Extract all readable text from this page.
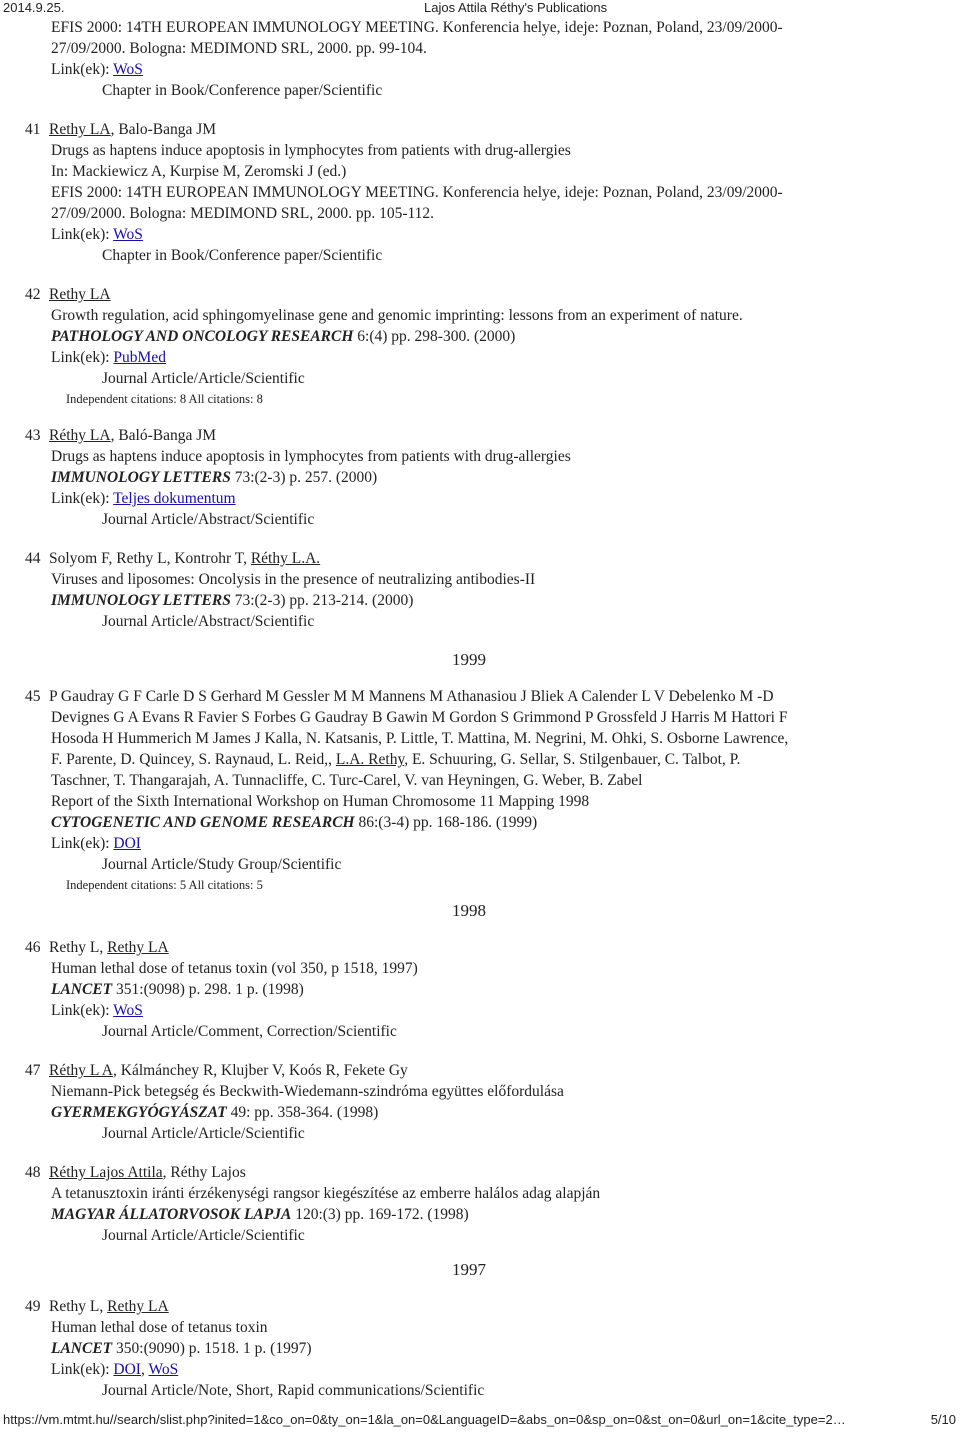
2014.9.25.	Lajos Attila Réthy's Publications
EFIS 2000: 14TH EUROPEAN IMMUNOLOGY MEETING. Konferencia helye, ideje: Poznan, Poland, 23/09/2000-
27/09/2000. Bologna: MEDIMOND SRL, 2000. pp. 99-104.
Link(ek): WoS
Chapter in Book/Conference paper/Scientific
41 Rethy LA, Balo-Banga JM
Drugs as haptens induce apoptosis in lymphocytes from patients with drug-allergies
In: Mackiewicz A, Kurpise M, Zeromski J (ed.)
EFIS 2000: 14TH EUROPEAN IMMUNOLOGY MEETING. Konferencia helye, ideje: Poznan, Poland, 23/09/2000-
27/09/2000. Bologna: MEDIMOND SRL, 2000. pp. 105-112.
Link(ek): WoS
Chapter in Book/Conference paper/Scientific
42 Rethy LA
Growth regulation, acid sphingomyelinase gene and genomic imprinting: lessons from an experiment of nature.
PATHOLOGY AND ONCOLOGY RESEARCH 6:(4) pp. 298-300. (2000)
Link(ek): PubMed
Journal Article/Article/Scientific
Independent citations: 8 All citations: 8
43 Réthy LA, Baló-Banga JM
Drugs as haptens induce apoptosis in lymphocytes from patients with drug-allergies
IMMUNOLOGY LETTERS 73:(2-3) p. 257. (2000)
Link(ek): Teljes dokumentum
Journal Article/Abstract/Scientific
44 Solyom F, Rethy L, Kontrohr T, Réthy L.A.
Viruses and liposomes: Oncolysis in the presence of neutralizing antibodies-II
IMMUNOLOGY LETTERS 73:(2-3) pp. 213-214. (2000)
Journal Article/Abstract/Scientific
1999
45 P Gaudray G F Carle D S Gerhard M Gessler M M Mannens M Athanasiou J Bliek A Calender L V Debelenko M -D
Devignes G A Evans R Favier S Forbes G Gaudray B Gawin M Gordon S Grimmond P Grossfeld J Harris M Hattori F
Hosoda H Hummerich M James J Kalla, N. Katsanis, P. Little, T. Mattina, M. Negrini, M. Ohki, S. Osborne Lawrence,
F. Parente, D. Quincey, S. Raynaud, L. Reid,, L.A. Rethy, E. Schuuring, G. Sellar, S. Stilgenbauer, C. Talbot, P.
Taschner, T. Thangarajah, A. Tunnacliffe, C. Turc-Carel, V. van Heyningen, G. Weber, B. Zabel
Report of the Sixth International Workshop on Human Chromosome 11 Mapping 1998
CYTOGENETIC AND GENOME RESEARCH 86:(3-4) pp. 168-186. (1999)
Link(ek): DOI
Journal Article/Study Group/Scientific
Independent citations: 5 All citations: 5
1998
46 Rethy L, Rethy LA
Human lethal dose of tetanus toxin (vol 350, p 1518, 1997)
LANCET 351:(9098) p. 298. 1 p. (1998)
Link(ek): WoS
Journal Article/Comment, Correction/Scientific
47 Réthy L A, Kálmánchey R, Klujber V, Koós R, Fekete Gy
Niemann-Pick betegség és Beckwith-Wiedemann-szindróma együttes előfordulása
GYERMEKGYÓGYÁSZAT 49: pp. 358-364. (1998)
Journal Article/Article/Scientific
48 Réthy Lajos Attila, Réthy Lajos
A tetanusztoxin iránti érzékenységi rangsor kiegészítése az emberre halálos adag alapján
MAGYAR ÁLLATORVOSOK LAPJA 120:(3) pp. 169-172. (1998)
Journal Article/Article/Scientific
1997
49 Rethy L, Rethy LA
Human lethal dose of tetanus toxin
LANCET 350:(9090) p. 1518. 1 p. (1997)
Link(ek): DOI, WoS
Journal Article/Note, Short, Rapid communications/Scientific
https://vm.mtmt.hu//search/slist.php?inited=1&co_on=0&ty_on=1&la_on=0&LanguageID=&abs_on=0&sp_on=0&st_on=0&url_on=1&cite_type=2…	5/10
